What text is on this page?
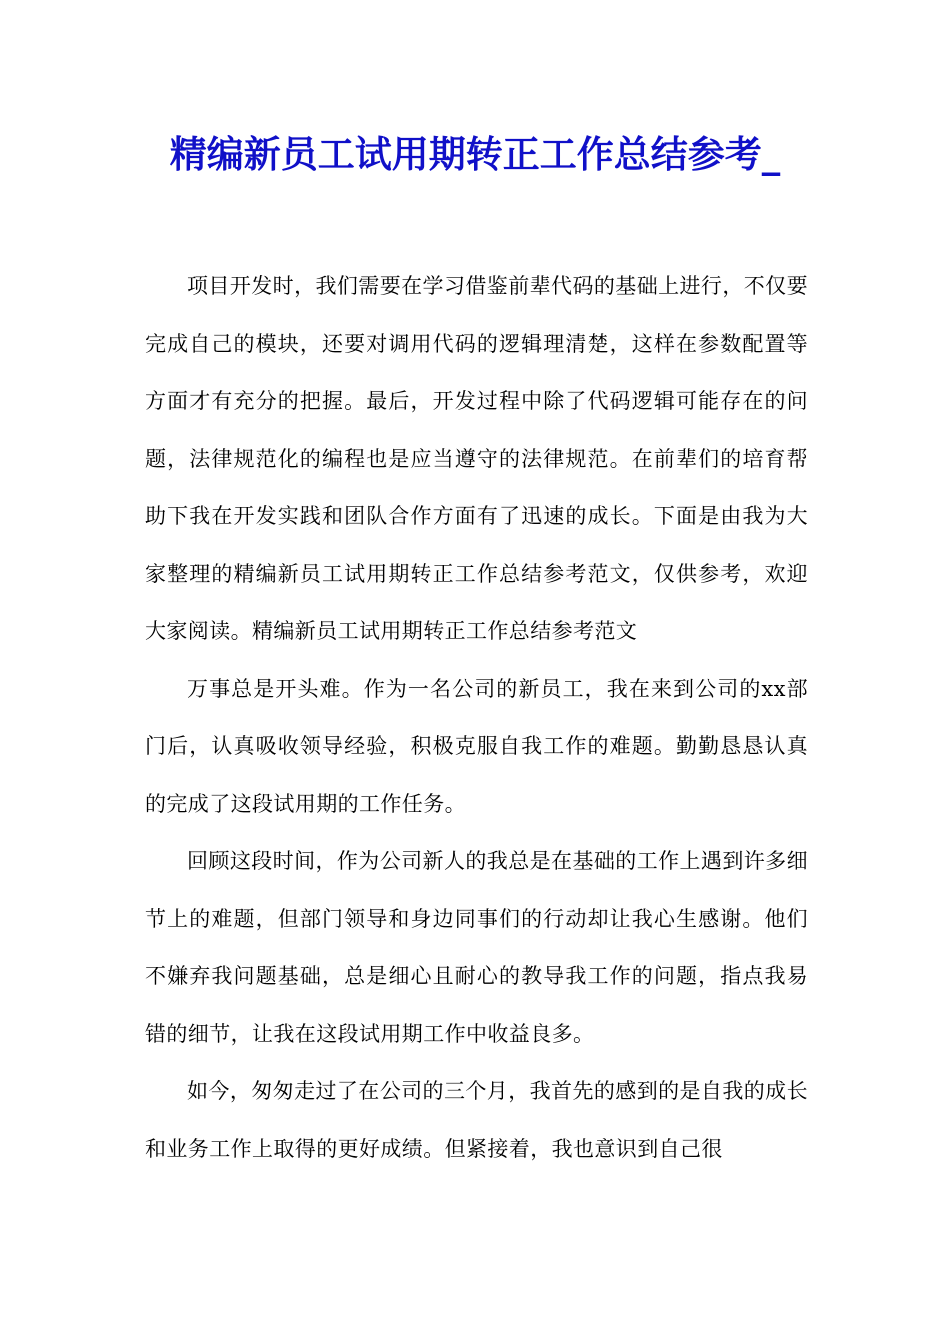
精编新员工试用期转正工作总结参考_

项目开发时，我们需要在学习借鉴前辈代码的基础上进行，不仅要完成自己的模块，还要对调用代码的逻辑理清楚，这样在参数配置等方面才有充分的把握。最后，开发过程中除了代码逻辑可能存在的问题，法律规范化的编程也是应当遵守的法律规范。在前辈们的培育帮助下我在开发实践和团队合作方面有了迅速的成长。下面是由我为大家整理的精编新员工试用期转正工作总结参考范文，仅供参考，欢迎大家阅读。精编新员工试用期转正工作总结参考范文

万事总是开头难。作为一名公司的新员工，我在来到公司的xx部门后，认真吸收领导经验，积极克服自我工作的难题。勤勤恳恳认真的完成了这段试用期的工作任务。

回顾这段时间，作为公司新人的我总是在基础的工作上遇到许多细节上的难题，但部门领导和身边同事们的行动却让我心生感谢。他们不嫌弃我问题基础，总是细心且耐心的教导我工作的问题，指点我易错的细节，让我在这段试用期工作中收益良多。

如今，匆匆走过了在公司的三个月，我首先的感到的是自我的成长和业务工作上取得的更好成绩。但紧接着，我也意识到自己很
